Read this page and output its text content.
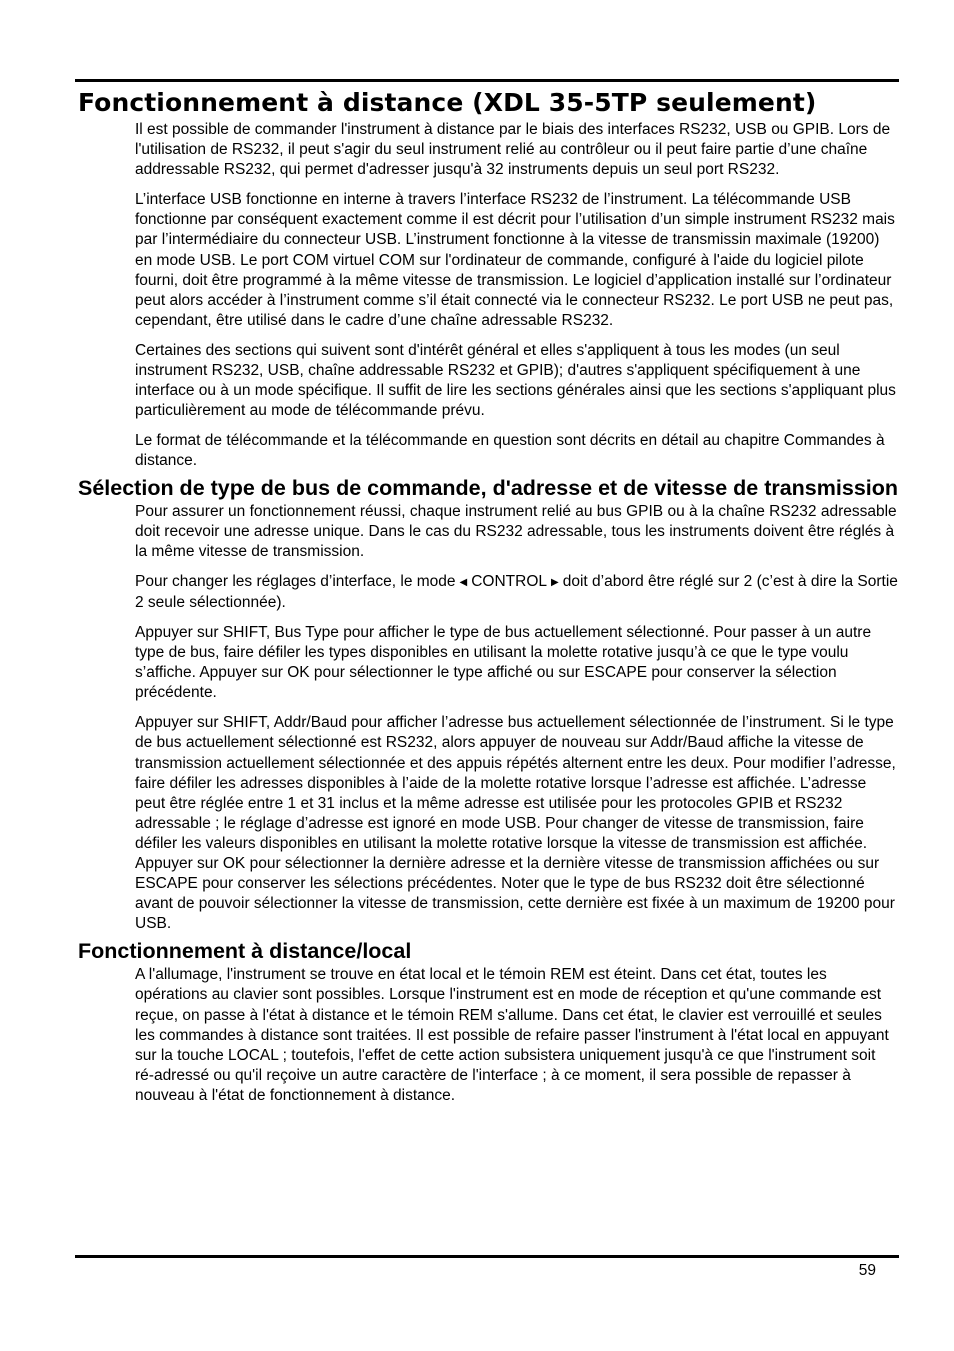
Fonctionnement à distance (XDL 35-5TP seulement)

Il est possible de commander l'instrument à distance par le biais des interfaces RS232, USB ou GPIB. Lors de l'utilisation de RS232, il peut s'agir du seul instrument relié au contrôleur ou il peut faire partie d’une chaîne addressable RS232, qui permet d'adresser jusqu'à 32 instruments depuis un seul port RS232.

L’interface USB fonctionne en interne à travers l’interface RS232 de l’instrument. La télécommande USB fonctionne par conséquent exactement comme il est décrit pour l’utilisation d’un simple instrument RS232 mais par l’intermédiaire du connecteur USB. L’instrument fonctionne à la vitesse de transmissin maximale (19200) en mode USB. Le port COM virtuel COM sur l'ordinateur de commande, configuré à l'aide du logiciel pilote fourni, doit être programmé à la même vitesse de transmission. Le logiciel d’application installé sur l’ordinateur peut alors accéder à l’instrument comme s’il était connecté via le connecteur RS232. Le port USB ne peut pas, cependant, être utilisé dans le cadre d’une chaîne adressable RS232.

Certaines des sections qui suivent sont d'intérêt général et elles s'appliquent à tous les modes (un seul instrument RS232, USB, chaîne addressable RS232 et GPIB); d'autres s'appliquent spécifiquement à une interface ou à un mode spécifique. Il suffit de lire les sections générales ainsi que les sections s'appliquant plus particulièrement au mode de télécommande prévu.

Le format de télécommande et la télécommande en question sont décrits en détail au chapitre Commandes à distance.

Sélection de type de bus de commande, d'adresse et de vitesse de transmission

Pour assurer un fonctionnement réussi, chaque instrument relié au bus GPIB ou à la chaîne RS232 adressable doit recevoir une adresse unique. Dans le cas du RS232 adressable, tous les instruments doivent être réglés à la même vitesse de transmission.

Pour changer les réglages d’interface, le mode ◀ CONTROL ▶ doit d’abord être réglé sur 2 (c’est à dire la Sortie 2 seule sélectionnée).

Appuyer sur SHIFT, Bus Type pour afficher le type de bus actuellement sélectionné. Pour passer à un autre type de bus, faire défiler les types disponibles en utilisant la molette rotative jusqu’à ce que le type voulu s’affiche. Appuyer sur OK pour sélectionner le type affiché ou sur ESCAPE pour conserver la sélection précédente.

Appuyer sur SHIFT, Addr/Baud pour afficher l’adresse bus actuellement sélectionnée de l’instrument. Si le type de bus actuellement sélectionné est RS232, alors appuyer de nouveau sur Addr/Baud affiche la vitesse de transmission actuellement sélectionnée et des appuis répétés alternent entre les deux. Pour modifier l’adresse, faire défiler les adresses disponibles à l’aide de la molette rotative lorsque l’adresse est affichée. L’adresse peut être réglée entre 1 et 31 inclus et la même adresse est utilisée pour les protocoles GPIB et RS232 adressable ; le réglage d’adresse est ignoré en mode USB. Pour changer de vitesse de transmission, faire défiler les valeurs disponibles en utilisant la molette rotative lorsque la vitesse de transmission est affichée. Appuyer sur OK pour sélectionner la dernière adresse et la dernière vitesse de transmission affichées ou sur ESCAPE pour conserver les sélections précédentes. Noter que le type de bus RS232 doit être sélectionné avant de pouvoir sélectionner la vitesse de transmission, cette dernière est fixée à un maximum de 19200 pour USB.

Fonctionnement à distance/local

A l'allumage, l'instrument se trouve en état local et le témoin REM est éteint. Dans cet état, toutes les opérations au clavier sont possibles. Lorsque l'instrument est en mode de réception et qu'une commande est reçue, on passe à l'état à distance et le témoin REM s'allume. Dans cet état, le clavier est verrouillé et seules les commandes à distance sont traitées. Il est possible de refaire passer l'instrument à l'état local en appuyant sur la touche LOCAL ; toutefois, l'effet de cette action subsistera uniquement jusqu'à ce que l'instrument soit ré-adressé ou qu'il reçoive un autre caractère de l'interface ; à ce moment, il sera possible de repasser à nouveau à l'état de fonctionnement à distance.

59
